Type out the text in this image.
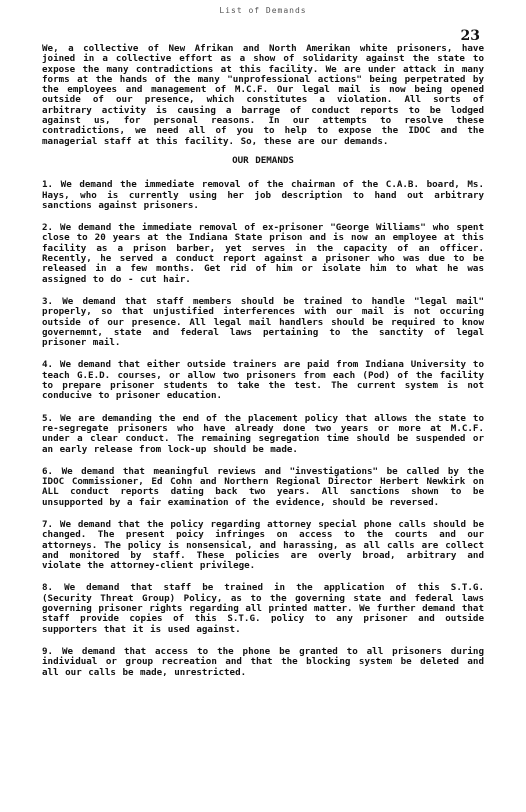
List of Demands
23

We, a collective of New Afrikan and North Amerikan white prisoners, have joined in a collective effort as a show of solidarity against the state to expose the many contradictions at this facility. We are under attack in many forms at the hands of the many "unprofessional actions" being perpetrated by the employees and management of M.C.F. Our legal mail is now being opened outside of our presence, which constitutes a violation. All sorts of arbitrary activity is causing a barrage of conduct reports to be lodged against us, for personal reasons. In our attempts to resolve these contradictions, we need all of you to help to expose the IDOC and the managerial staff at this facility. So, these are our demands.

OUR DEMANDS

1. We demand the immediate removal of the chairman of the C.A.B. board, Ms. Hays, who is currently using her job description to hand out arbitrary sanctions against prisoners.

2. We demand the immediate removal of ex-prisoner "George Williams" who spent close to 20 years at the Indiana State prison and is now an employee at this facility as a prison barber, yet serves in the capacity of an officer. Recently, he served a conduct report against a prisoner who was due to be released in a few months. Get rid of him or isolate him to what he was assigned to do - cut hair.

3. We demand that staff members should be trained to handle "legal mail" properly, so that unjustified interferences with our mail is not occuring outside of our presence. All legal mail handlers should be required to know governemnt, state and federal laws pertaining to the sanctity of legal prisoner mail.

4. We demand that either outside trainers are paid from Indiana University to teach G.E.D. courses, or allow two prisoners from each (Pod) of the facility to prepare prisoner students to take the test. The current system is not conducive to prisoner education.

5. We are demanding the end of the placement policy that allows the state to re-segregate prisoners who have already done two years or more at M.C.F. under a clear conduct. The remaining segregation time should be suspended or an early release from lock-up should be made.

6. We demand that meaningful reviews and "investigations" be called by the IDOC Commissioner, Ed Cohn and Northern Regional Director Herbert Newkirk on ALL conduct reports dating back two years. All sanctions shown to be unsupported by a fair examination of the evidence, should be reversed.

7. We demand that the policy regarding attorney special phone calls should be changed. The present poicy infringes on access to the courts and our attorneys. The policy is nonsensical, and harassing, as all calls are collect and monitored by staff. These policies are overly broad, arbitrary and violate the attorney-client privilege.

8. We demand that staff be trained in the application of this S.T.G. (Security Threat Group) Policy, as to the governing state and federal laws governing prisoner rights regarding all printed matter. We further demand that staff provide copies of this S.T.G. policy to any prisoner and outside supporters that it is used against.

9. We demand that access to the phone be granted to all prisoners during individual or group recreation and that the blocking system be deleted and all our calls be made, unrestricted.
